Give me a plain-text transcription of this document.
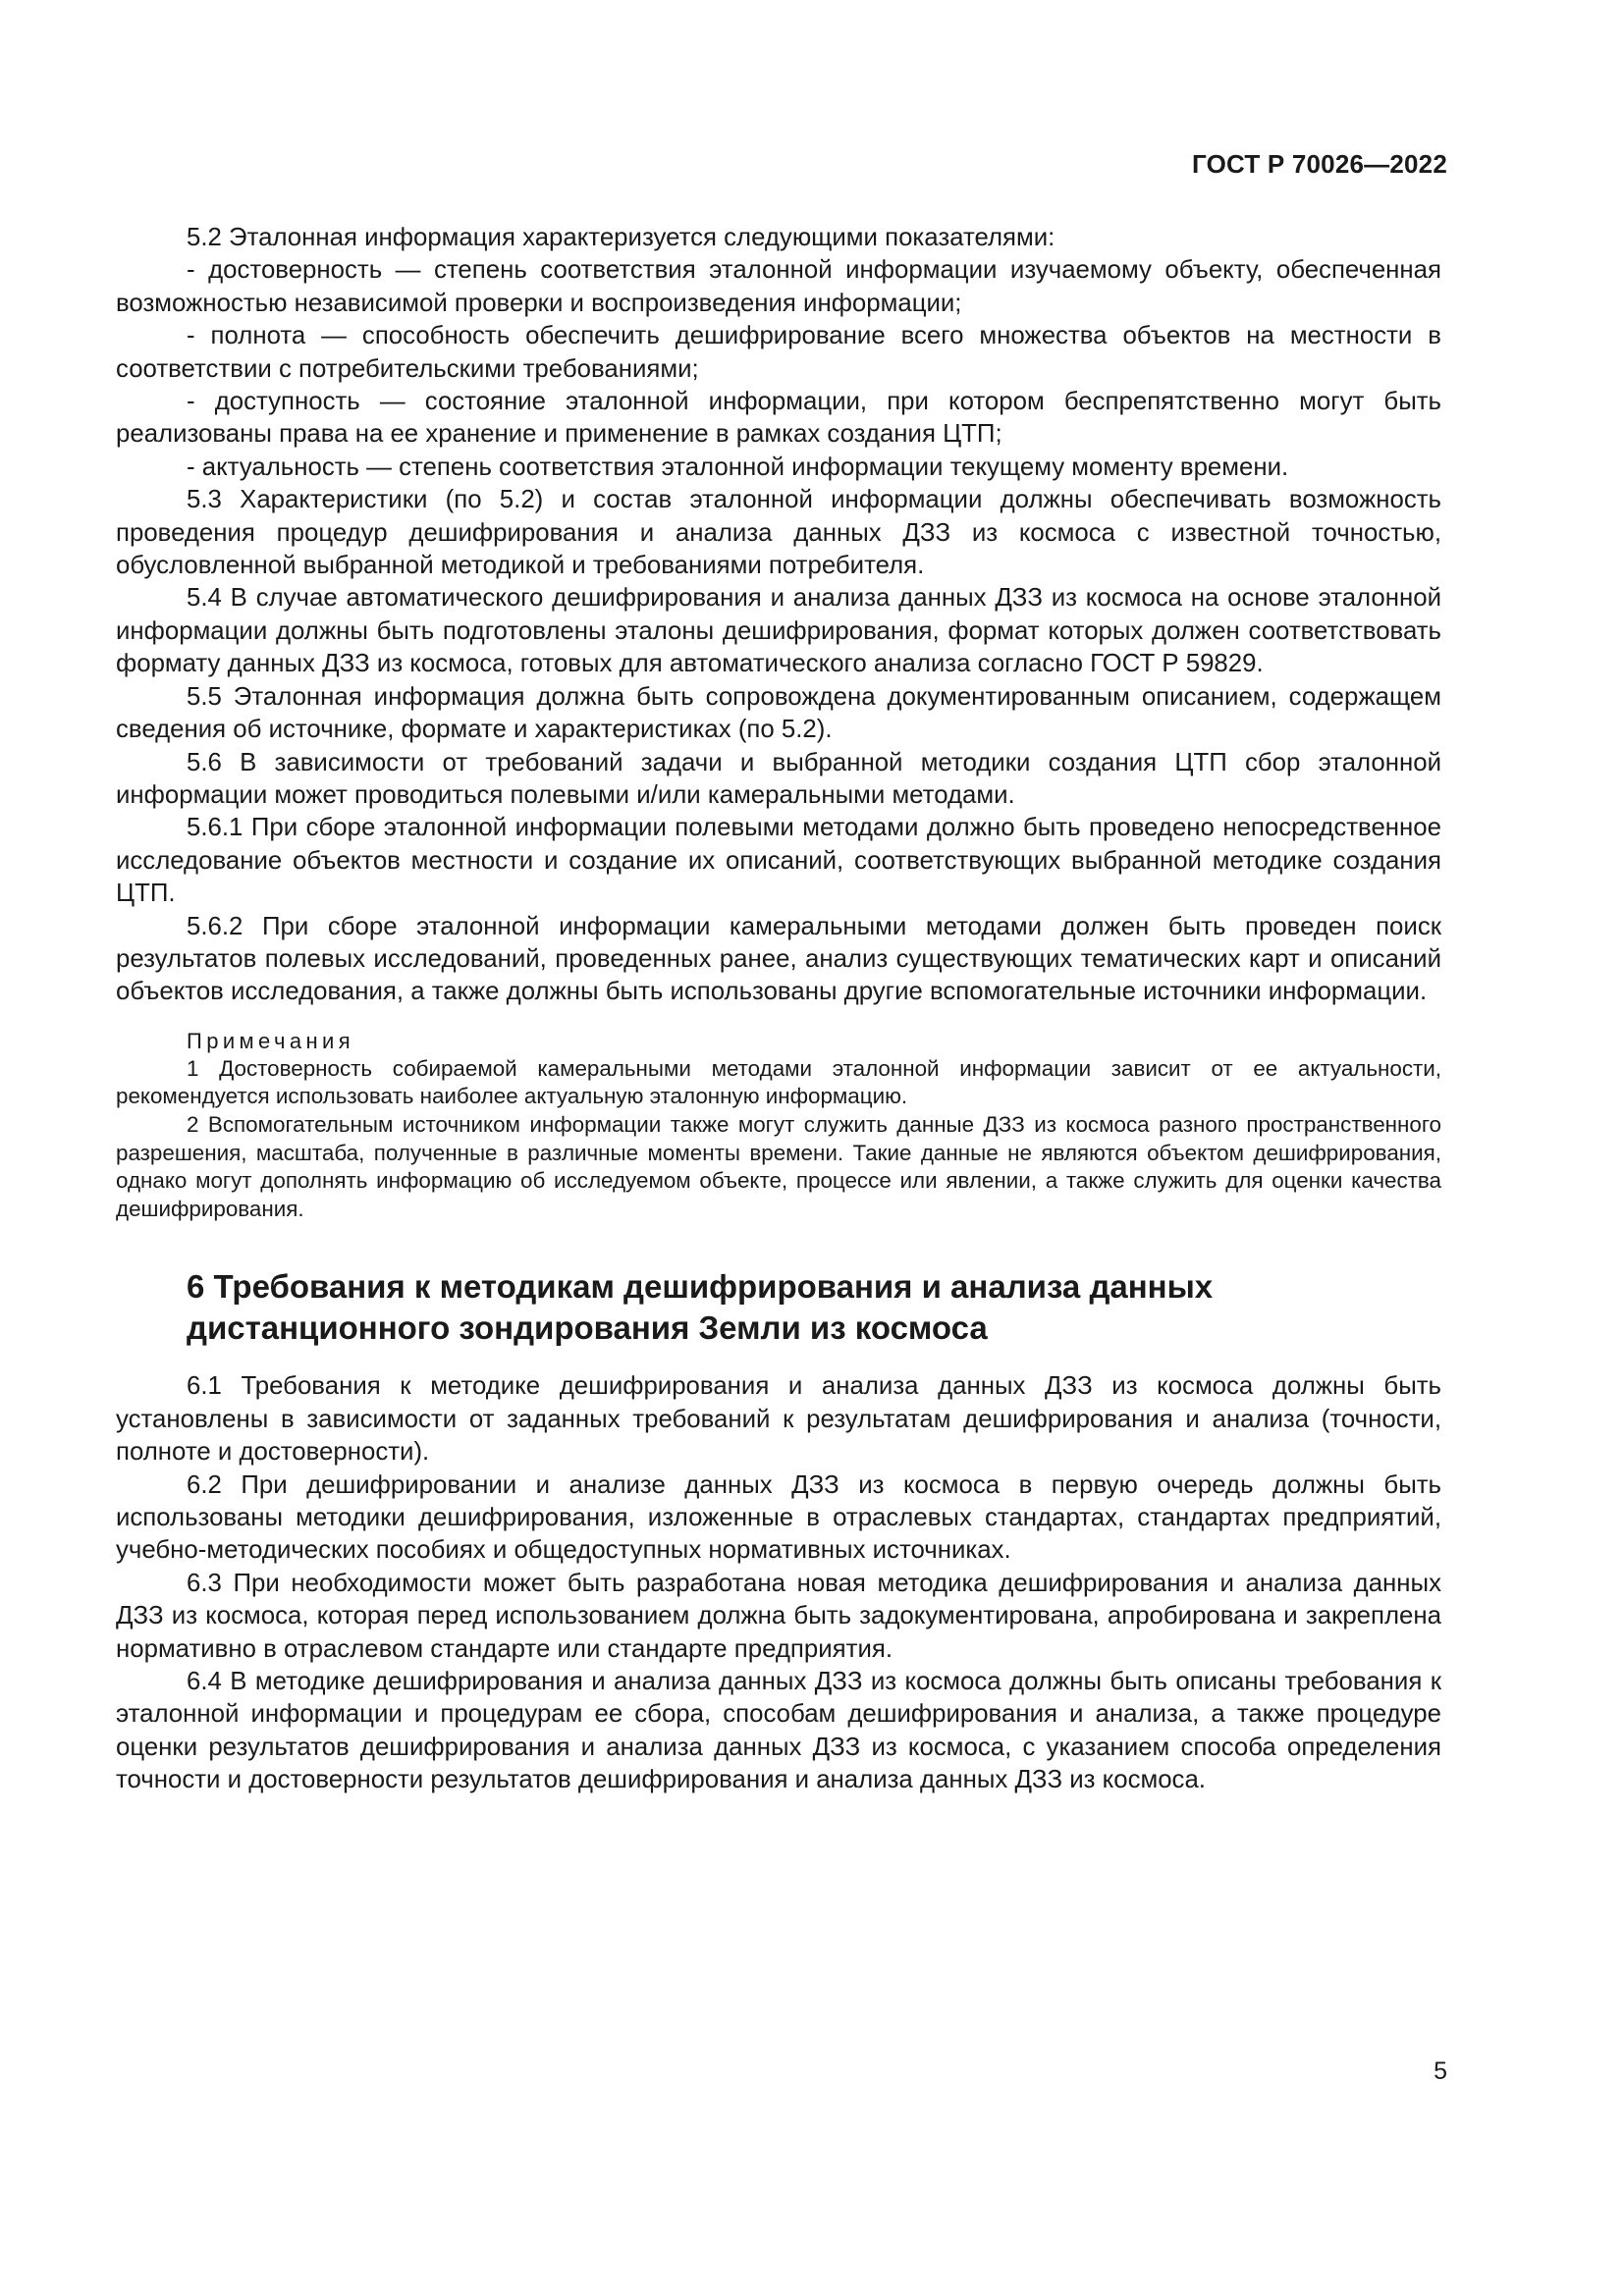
ГОСТ Р 70026—2022

5.2 Эталонная информация характеризуется следующими показателями:

- достоверность — степень соответствия эталонной информации изучаемому объекту, обеспеченная возможностью независимой проверки и воспроизведения информации;

- полнота — способность обеспечить дешифрирование всего множества объектов на местности в соответствии с потребительскими требованиями;

- доступность — состояние эталонной информации, при котором беспрепятственно могут быть реализованы права на ее хранение и применение в рамках создания ЦТП;

- актуальность — степень соответствия эталонной информации текущему моменту времени.

5.3 Характеристики (по 5.2) и состав эталонной информации должны обеспечивать возможность проведения процедур дешифрирования и анализа данных ДЗЗ из космоса с известной точностью, обусловленной выбранной методикой и требованиями потребителя.

5.4 В случае автоматического дешифрирования и анализа данных ДЗЗ из космоса на основе эталонной информации должны быть подготовлены эталоны дешифрирования, формат которых должен соответствовать формату данных ДЗЗ из космоса, готовых для автоматического анализа согласно ГОСТ Р 59829.

5.5 Эталонная информация должна быть сопровождена документированным описанием, содержащем сведения об источнике, формате и характеристиках (по 5.2).

5.6 В зависимости от требований задачи и выбранной методики создания ЦТП сбор эталонной информации может проводиться полевыми и/или камеральными методами.

5.6.1 При сборе эталонной информации полевыми методами должно быть проведено непосредственное исследование объектов местности и создание их описаний, соответствующих выбранной методике создания ЦТП.

5.6.2 При сборе эталонной информации камеральными методами должен быть проведен поиск результатов полевых исследований, проведенных ранее, анализ существующих тематических карт и описаний объектов исследования, а также должны быть использованы другие вспомогательные источники информации.

Примечания

1 Достоверность собираемой камеральными методами эталонной информации зависит от ее актуальности, рекомендуется использовать наиболее актуальную эталонную информацию.

2 Вспомогательным источником информации также могут служить данные ДЗЗ из космоса разного пространственного разрешения, масштаба, полученные в различные моменты времени. Такие данные не являются объектом дешифрирования, однако могут дополнять информацию об исследуемом объекте, процессе или явлении, а также служить для оценки качества дешифрирования.

6 Требования к методикам дешифрирования и анализа данных дистанционного зондирования Земли из космоса

6.1 Требования к методике дешифрирования и анализа данных ДЗЗ из космоса должны быть установлены в зависимости от заданных требований к результатам дешифрирования и анализа (точности, полноте и достоверности).

6.2 При дешифрировании и анализе данных ДЗЗ из космоса в первую очередь должны быть использованы методики дешифрирования, изложенные в отраслевых стандартах, стандартах предприятий, учебно-методических пособиях и общедоступных нормативных источниках.

6.3 При необходимости может быть разработана новая методика дешифрирования и анализа данных ДЗЗ из космоса, которая перед использованием должна быть задокументирована, апробирована и закреплена нормативно в отраслевом стандарте или стандарте предприятия.

6.4 В методике дешифрирования и анализа данных ДЗЗ из космоса должны быть описаны требования к эталонной информации и процедурам ее сбора, способам дешифрирования и анализа, а также процедуре оценки результатов дешифрирования и анализа данных ДЗЗ из космоса, с указанием способа определения точности и достоверности результатов дешифрирования и анализа данных ДЗЗ из космоса.

5
